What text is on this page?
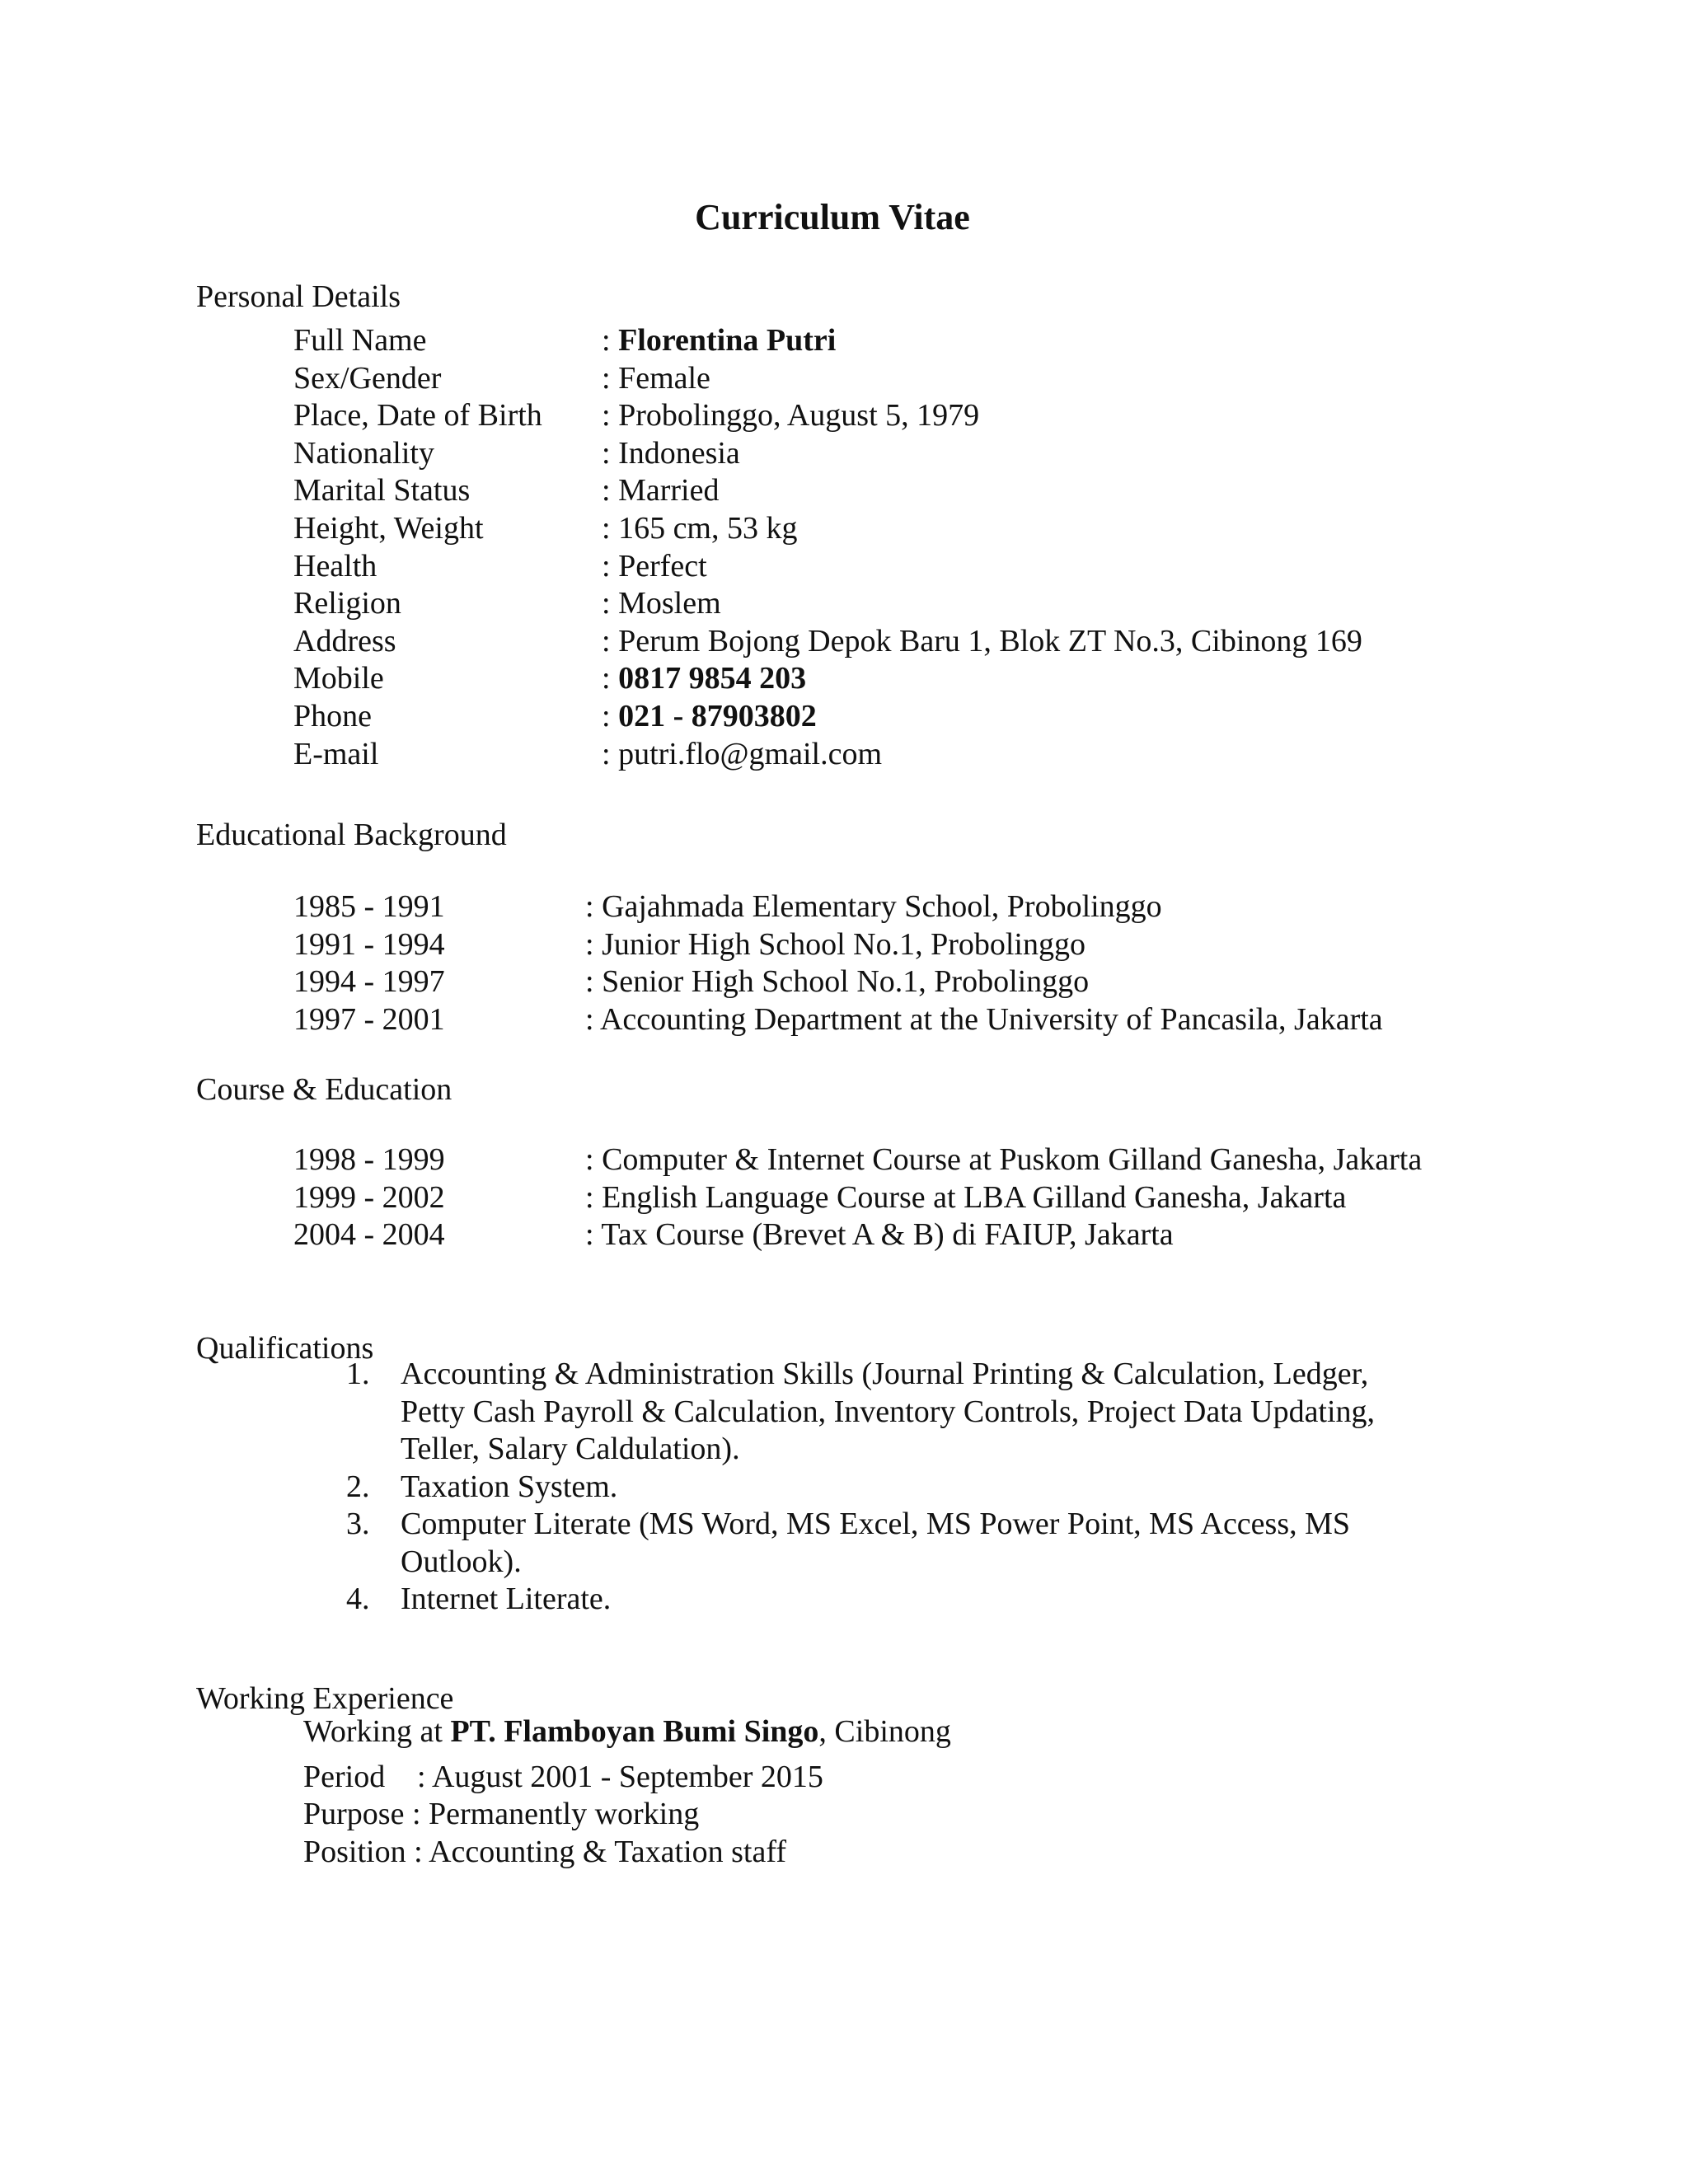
Curriculum Vitae
Personal Details
Full Name	: Florentina Putri
Sex/Gender	: Female
Place, Date of Birth : Probolinggo, August 5, 1979
Nationality	: Indonesia
Marital Status	: Married
Height, Weight	: 165 cm, 53 kg
Health	: Perfect
Religion	: Moslem
Address	: Perum Bojong Depok Baru 1, Blok ZT No.3, Cibinong 169
Mobile	: 0817 9854 203
Phone	: 021 - 87903802
E-mail	: putri.flo@gmail.com
Educational Background
1985 - 1991	: Gajahmada Elementary School, Probolinggo
1991 - 1994	: Junior High School No.1, Probolinggo
1994 - 1997	: Senior High School No.1, Probolinggo
1997 - 2001	: Accounting Department at the University of Pancasila, Jakarta
Course & Education
1998 - 1999	: Computer & Internet Course at Puskom Gilland Ganesha, Jakarta
1999 - 2002	: English Language Course at LBA Gilland Ganesha, Jakarta
2004 - 2004	: Tax Course (Brevet A & B) di FAIUP, Jakarta
Qualifications
1. Accounting & Administration Skills (Journal Printing & Calculation, Ledger, Petty Cash Payroll & Calculation, Inventory Controls, Project Data Updating, Teller, Salary Caldulation).
2. Taxation System.
3. Computer Literate (MS Word, MS Excel, MS Power Point, MS Access, MS Outlook).
4. Internet Literate.
Working Experience
Working at PT. Flamboyan Bumi Singo, Cibinong
Period : August 2001 - September 2015
Purpose : Permanently working
Position : Accounting & Taxation staff
